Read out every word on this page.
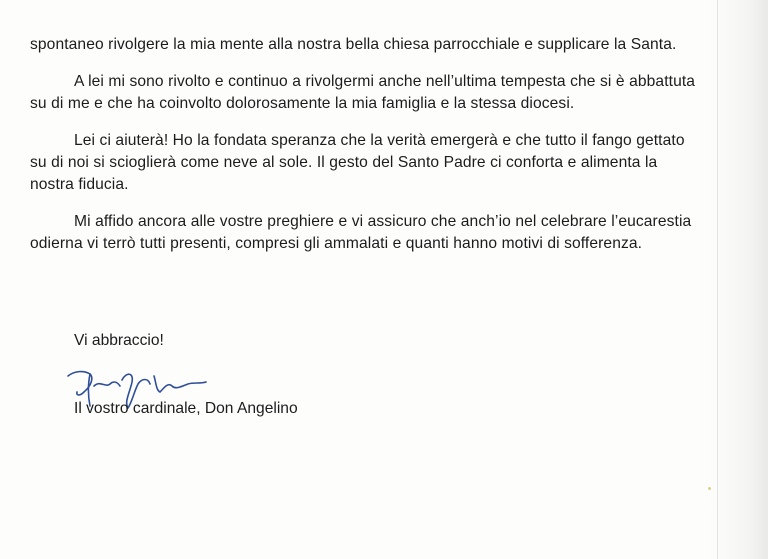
spontaneo rivolgere la mia mente alla nostra bella chiesa parrocchiale e supplicare la Santa.

A lei mi sono rivolto e continuo a rivolgermi anche nell’ultima tempesta che si è abbattuta su di me e che ha coinvolto dolorosamente la mia famiglia e la stessa diocesi.

Lei ci aiuterà! Ho la fondata speranza che la verità emergerà e che tutto il fango gettato su di noi si scioglierà come neve al sole. Il gesto del Santo Padre ci conforta e alimenta la nostra fiducia.

Mi affido ancora alle vostre preghiere e vi assicuro che anch’io nel celebrare l’eucarestia odierna vi terrò tutti presenti, compresi gli ammalati e quanti hanno motivi di sofferenza.

Vi abbraccio!
Il vostro cardinale, Don Angelino
